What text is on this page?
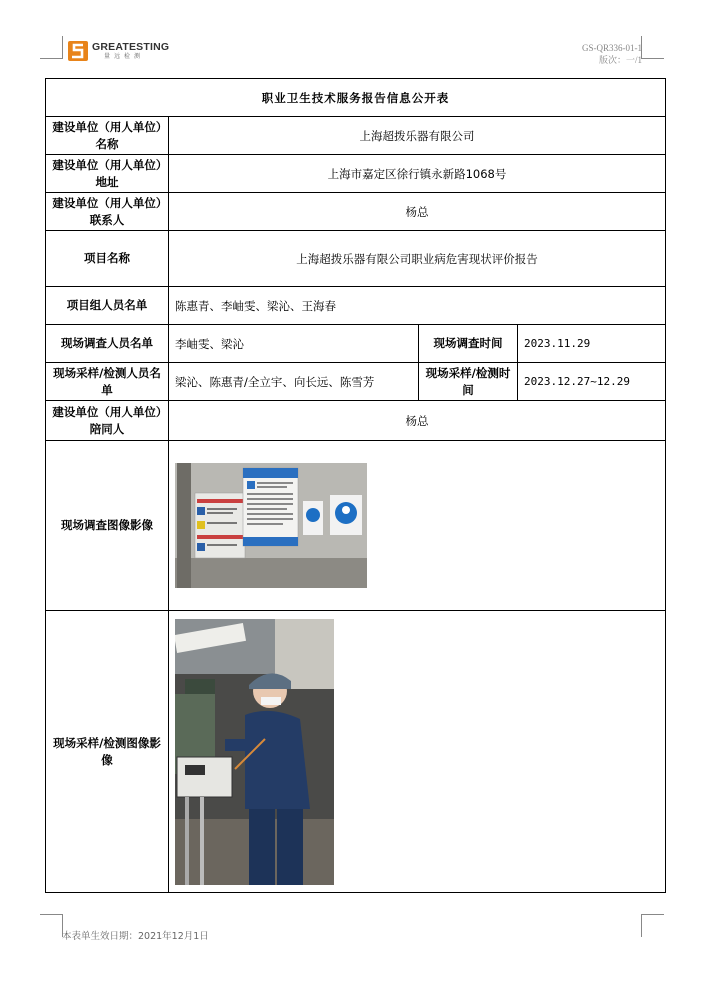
GREATESTING
量远检测
GS-QR336-01-1
版次：一/1
职业卫生技术服务报告信息公开表			
建设单位（用人单位）名称	上海超拨乐器有限公司		
建设单位（用人单位）地址	上海市嘉定区徐行镇永新路1068号		
建设单位（用人单位）联系人	杨总		
项目名称	上海超拨乐器有限公司职业病危害现状评价报告		
项目组人员名单	陈惠青、李岫雯、梁沁、王海春		
现场调查人员名单	李岫雯、梁沁	现场调查时间	2023.11.29
现场采样/检测人员名单	梁沁、陈惠青/全立宇、向长远、陈雪芳	现场采样/检测时间	2023.12.27~12.29
建设单位（用人单位）陪同人	杨总		
现场调查图像影像	

现场采样/检测图像影像	
本表单生效日期：2021年12月1日
